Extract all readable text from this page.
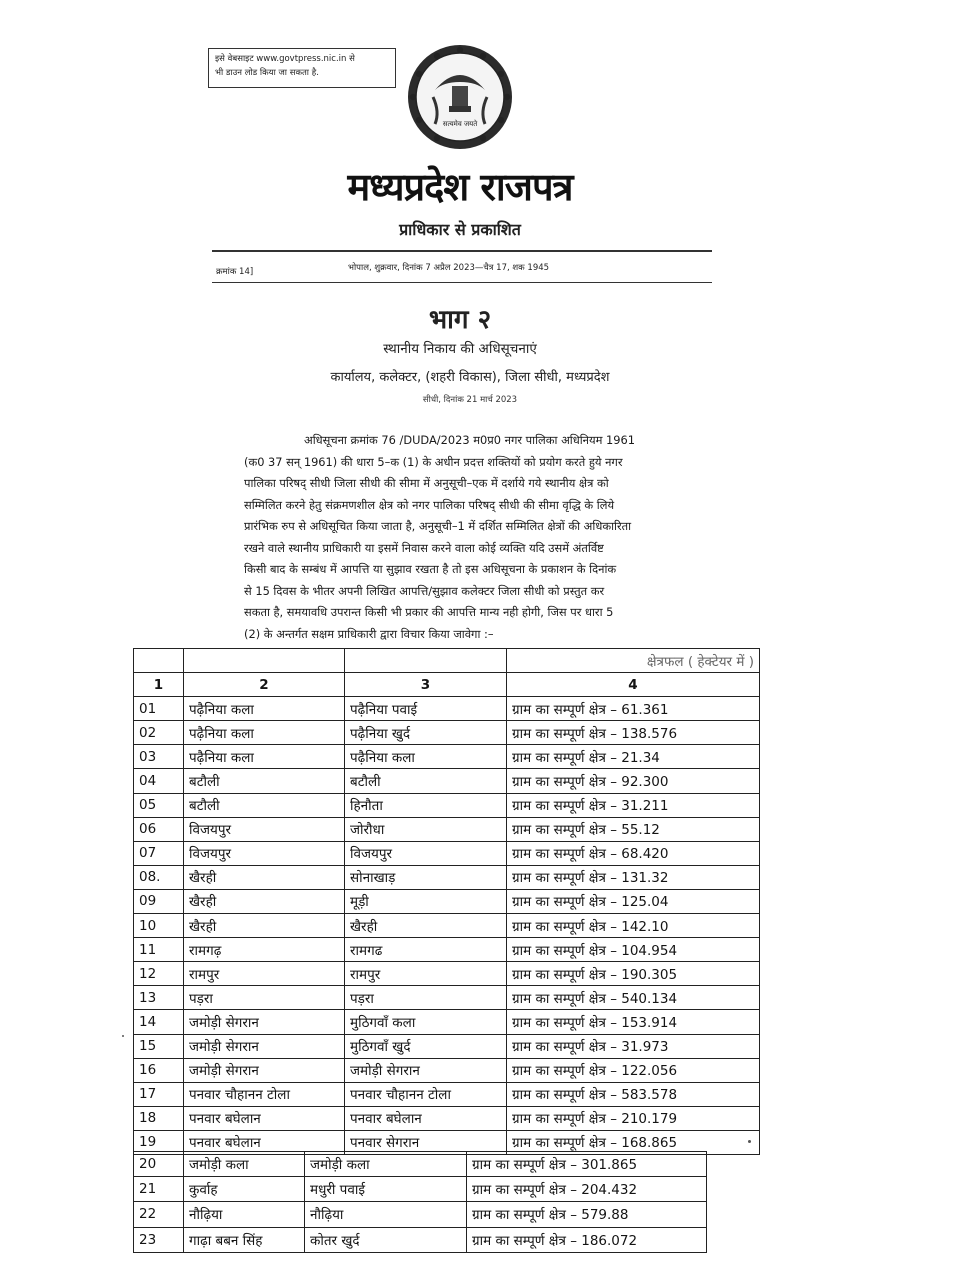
इसे वेबसाइट www.govtpress.nic.in से
भी डाउन लोड किया जा सकता है.
सत्यमेव जयते
मध्यप्रदेश राजपत्र
प्राधिकार से प्रकाशित
क्रमांक 14]	भोपाल, शुक्रवार, दिनांक 7 अप्रैल 2023—चैत्र 17, शक 1945
भाग २
स्थानीय निकाय की अधिसूचनाएं
कार्यालय, कलेक्टर, (शहरी विकास), जिला सीधी, मध्यप्रदेश
सीधी, दिनांक 21 मार्च 2023
अधिसूचना क्रमांक 76 /DUDA/2023 म0प्र0 नगर पालिका अधिनियम 1961
(क0 37 सन् 1961) की धारा 5–क (1) के अधीन प्रदत्त शक्तियों को प्रयोग करते हुये नगर
पालिका परिषद् सीधी जिला सीधी की सीमा में अनुसूची–एक में दर्शाये गये स्थानीय क्षेत्र को
सम्मिलित करने हेतु संक्रमणशील क्षेत्र को नगर पालिका परिषद् सीधी की सीमा वृद्धि के लिये
प्रारंभिक रुप से अधिसूचित किया जाता है, अनुसूची–1 में दर्शित सम्मिलित क्षेत्रों की अधिकारिता
रखने वाले स्थानीय प्राधिकारी या इसमें निवास करने वाला कोई व्यक्ति यदि उसमें अंतर्विष्ट
किसी बाद के सम्बंध में आपत्ति या सुझाव रखता है तो इस अधिसूचना के प्रकाशन के दिनांक
से 15 दिवस के भीतर अपनी लिखित आपत्ति/सुझाव कलेक्टर जिला सीधी को प्रस्तुत कर
सकता है, समयावधि उपरान्त किसी भी प्रकार की आपत्ति मान्य नही होगी, जिस पर धारा 5
(2) के अन्तर्गत सक्षम प्राधिकारी द्वारा विचार किया जावेगा :–
			क्षेत्रफल ( हेक्टेयर में )
1	2	3	4
01	पढ़ैनिया कला	पढ़ैनिया पवाई	ग्राम का सम्पूर्ण क्षेत्र – 61.361
02	पढ़ैनिया कला	पढ़ैनिया खुर्द	ग्राम का सम्पूर्ण क्षेत्र – 138.576
03	पढ़ैनिया कला	पढ़ैनिया कला	ग्राम का सम्पूर्ण क्षेत्र – 21.34
04	बटौली	बटौली	ग्राम का सम्पूर्ण क्षेत्र – 92.300
05	बटौली	हिनौता	ग्राम का सम्पूर्ण क्षेत्र – 31.211
06	विजयपुर	जोरौधा	ग्राम का सम्पूर्ण क्षेत्र – 55.12
07	विजयपुर	विजयपुर	ग्राम का सम्पूर्ण क्षेत्र – 68.420
08.	खैरही	सोनाखाड़	ग्राम का सम्पूर्ण क्षेत्र – 131.32
09	खैरही	मूड़ी	ग्राम का सम्पूर्ण क्षेत्र – 125.04
10	खैरही	खैरही	ग्राम का सम्पूर्ण क्षेत्र – 142.10
11	रामगढ़	रामगढ	ग्राम का सम्पूर्ण क्षेत्र – 104.954
12	रामपुर	रामपुर	ग्राम का सम्पूर्ण क्षेत्र – 190.305
13	पड़रा	पड़रा	ग्राम का सम्पूर्ण क्षेत्र – 540.134
14	जमोड़ी सेगरान	मुठिगवाँ कला	ग्राम का सम्पूर्ण क्षेत्र – 153.914
15	जमोड़ी सेगरान	मुठिगवाँ खुर्द	ग्राम का सम्पूर्ण क्षेत्र – 31.973
16	जमोड़ी सेगरान	जमोड़ी सेगरान	ग्राम का सम्पूर्ण क्षेत्र – 122.056
17	पनवार चौहानन टोला	पनवार चौहानन टोला	ग्राम का सम्पूर्ण क्षेत्र – 583.578
18	पनवार बघेलान	पनवार बघेलान	ग्राम का सम्पूर्ण क्षेत्र – 210.179
19	पनवार बघेलान	पनवार सेगरान	ग्राम का सम्पूर्ण क्षेत्र – 168.865
20	जमोड़ी कला	जमोड़ी कला	ग्राम का सम्पूर्ण क्षेत्र – 301.865
21	कुर्वाह	मधुरी पवाई	ग्राम का सम्पूर्ण क्षेत्र – 204.432
22	नौढ़िया	नौढ़िया	ग्राम का सम्पूर्ण क्षेत्र – 579.88
23	गाढ़ा बबन सिंह	कोतर खुर्द	ग्राम का सम्पूर्ण क्षेत्र – 186.072
